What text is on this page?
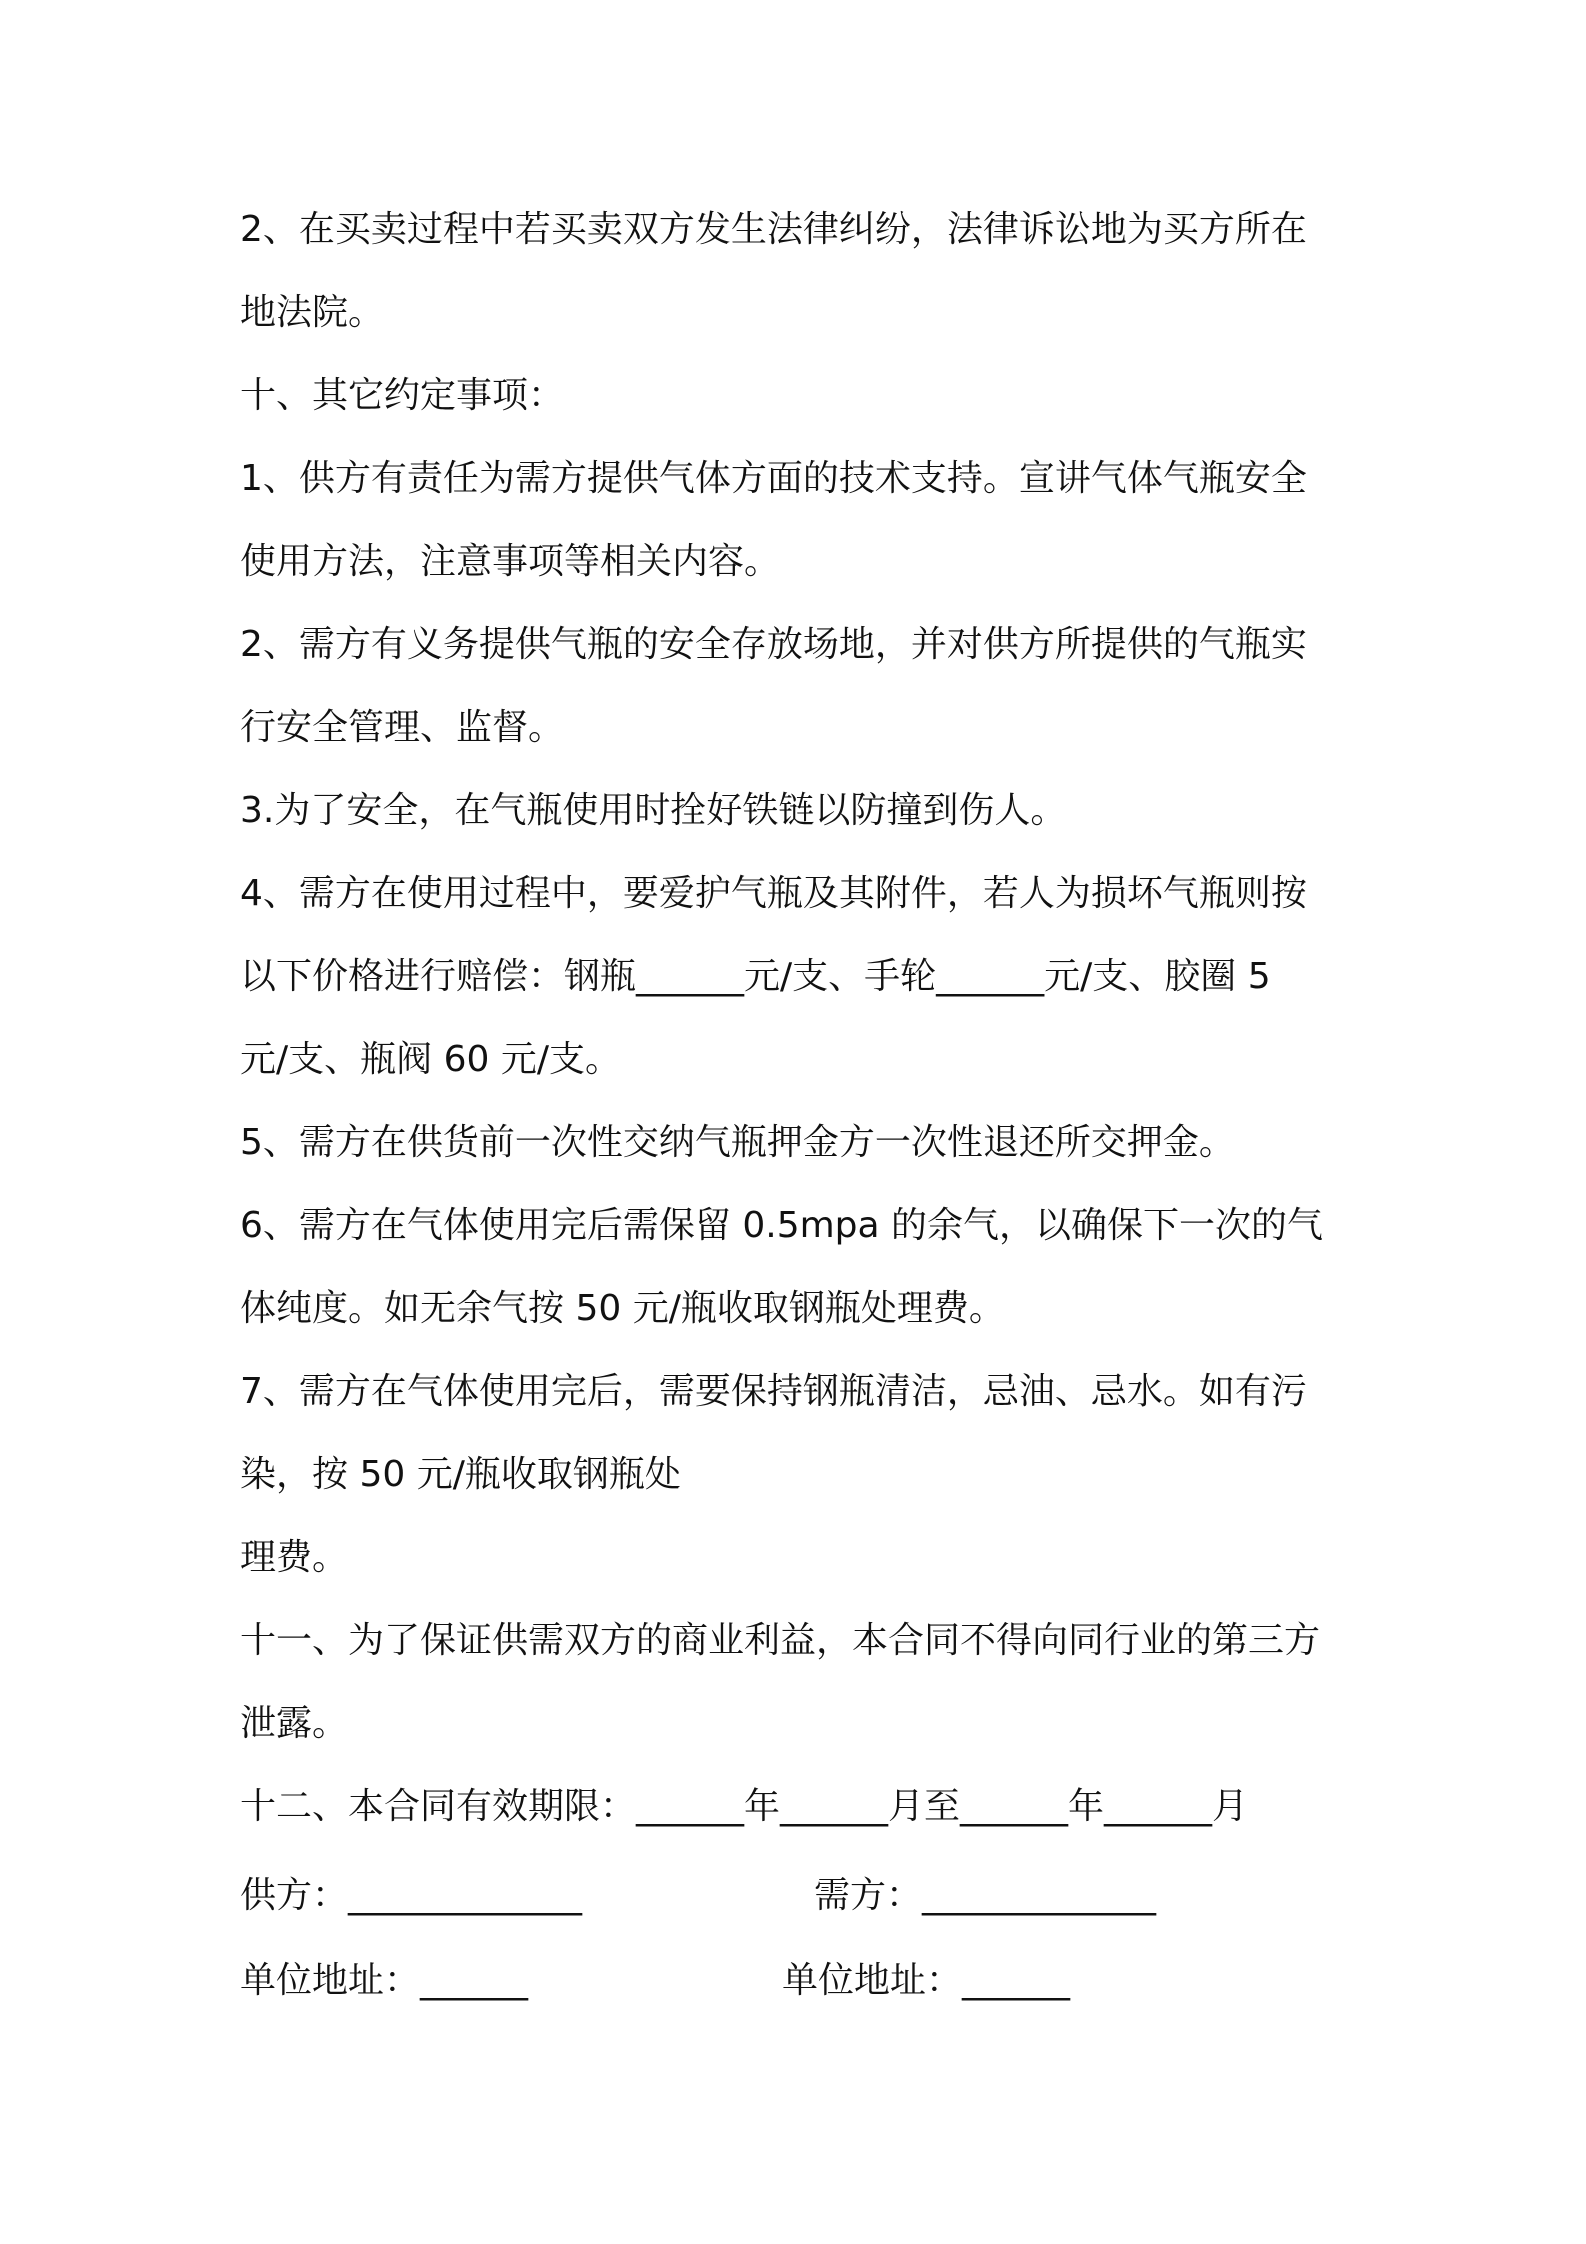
2、在买卖过程中若买卖双方发生法律纠纷，法律诉讼地为买方所在
地法院。
十、其它约定事项：
1、供方有责任为需方提供气体方面的技术支持。宣讲气体气瓶安全
使用方法，注意事项等相关内容。
2、需方有义务提供气瓶的安全存放场地，并对供方所提供的气瓶实
行安全管理、监督。
3.为了安全，在气瓶使用时拴好铁链以防撞到伤人。
4、需方在使用过程中，要爱护气瓶及其附件，若人为损坏气瓶则按
以下价格进行赔偿：钢瓶______元/支、手轮______元/支、胶圈 5
元/支、瓶阀 60 元/支。
5、需方在供货前一次性交纳气瓶押金方一次性退还所交押金。
6、需方在气体使用完后需保留 0.5mpa 的余气，以确保下一次的气
体纯度。如无余气按 50 元/瓶收取钢瓶处理费。
7、需方在气体使用完后，需要保持钢瓶清洁，忌油、忌水。如有污
染，按 50 元/瓶收取钢瓶处
理费。
十一、为了保证供需双方的商业利益，本合同不得向同行业的第三方
泄露。
十二、本合同有效期限：______年______月至______年______月
供方：_____________	需方：_____________
单位地址：______	单位地址：______
